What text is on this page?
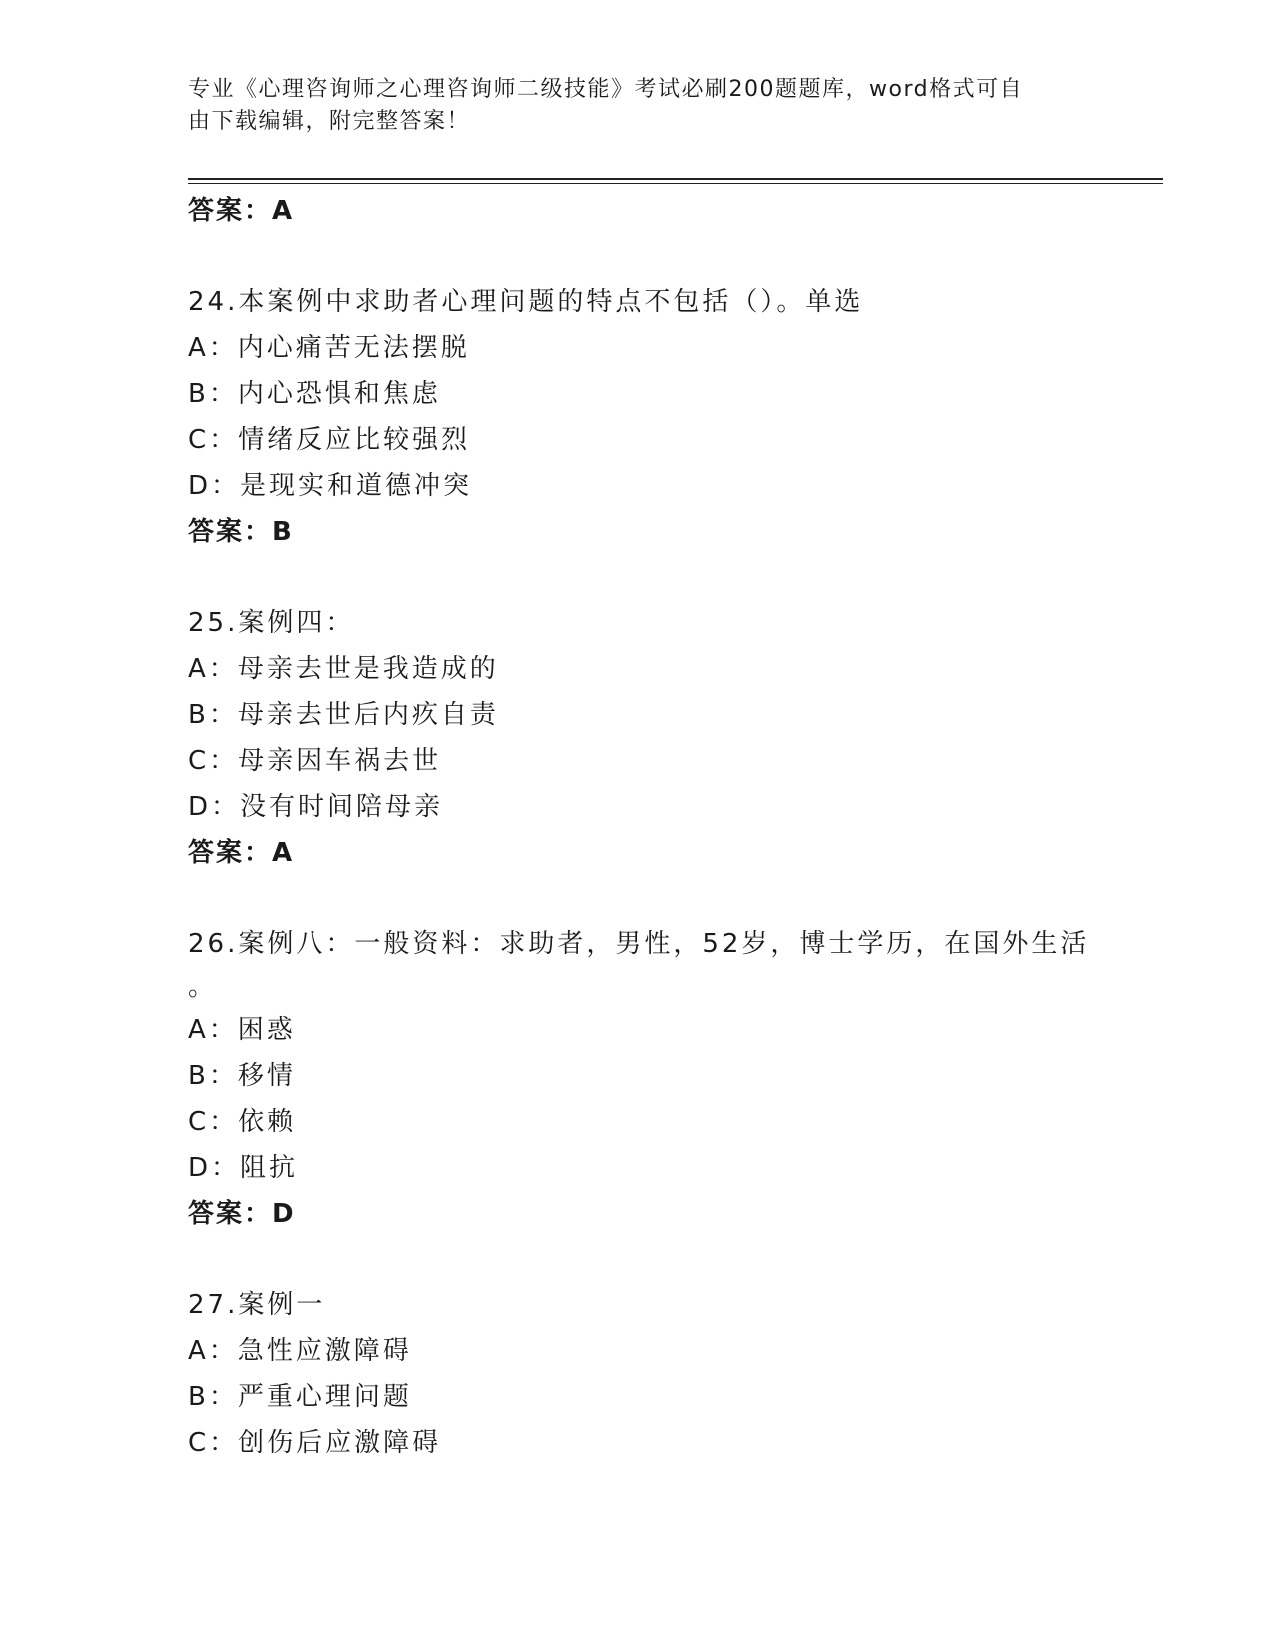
专业《心理咨询师之心理咨询师二级技能》考试必刷200题题库，word格式可自
由下载编辑，附完整答案！
答案：A
24.本案例中求助者心理问题的特点不包括（）。单选
A：内心痛苦无法摆脱
B：内心恐惧和焦虑
C：情绪反应比较强烈
D：是现实和道德冲突
答案：B
25.案例四：
A：母亲去世是我造成的
B：母亲去世后内疚自责
C：母亲因车祸去世
D：没有时间陪母亲
答案：A
26.案例八：一般资料：求助者，男性，52岁，博士学历，在国外生活
。
A：困惑
B：移情
C：依赖
D：阻抗
答案：D
27.案例一
A：急性应激障碍
B：严重心理问题
C：创伤后应激障碍
